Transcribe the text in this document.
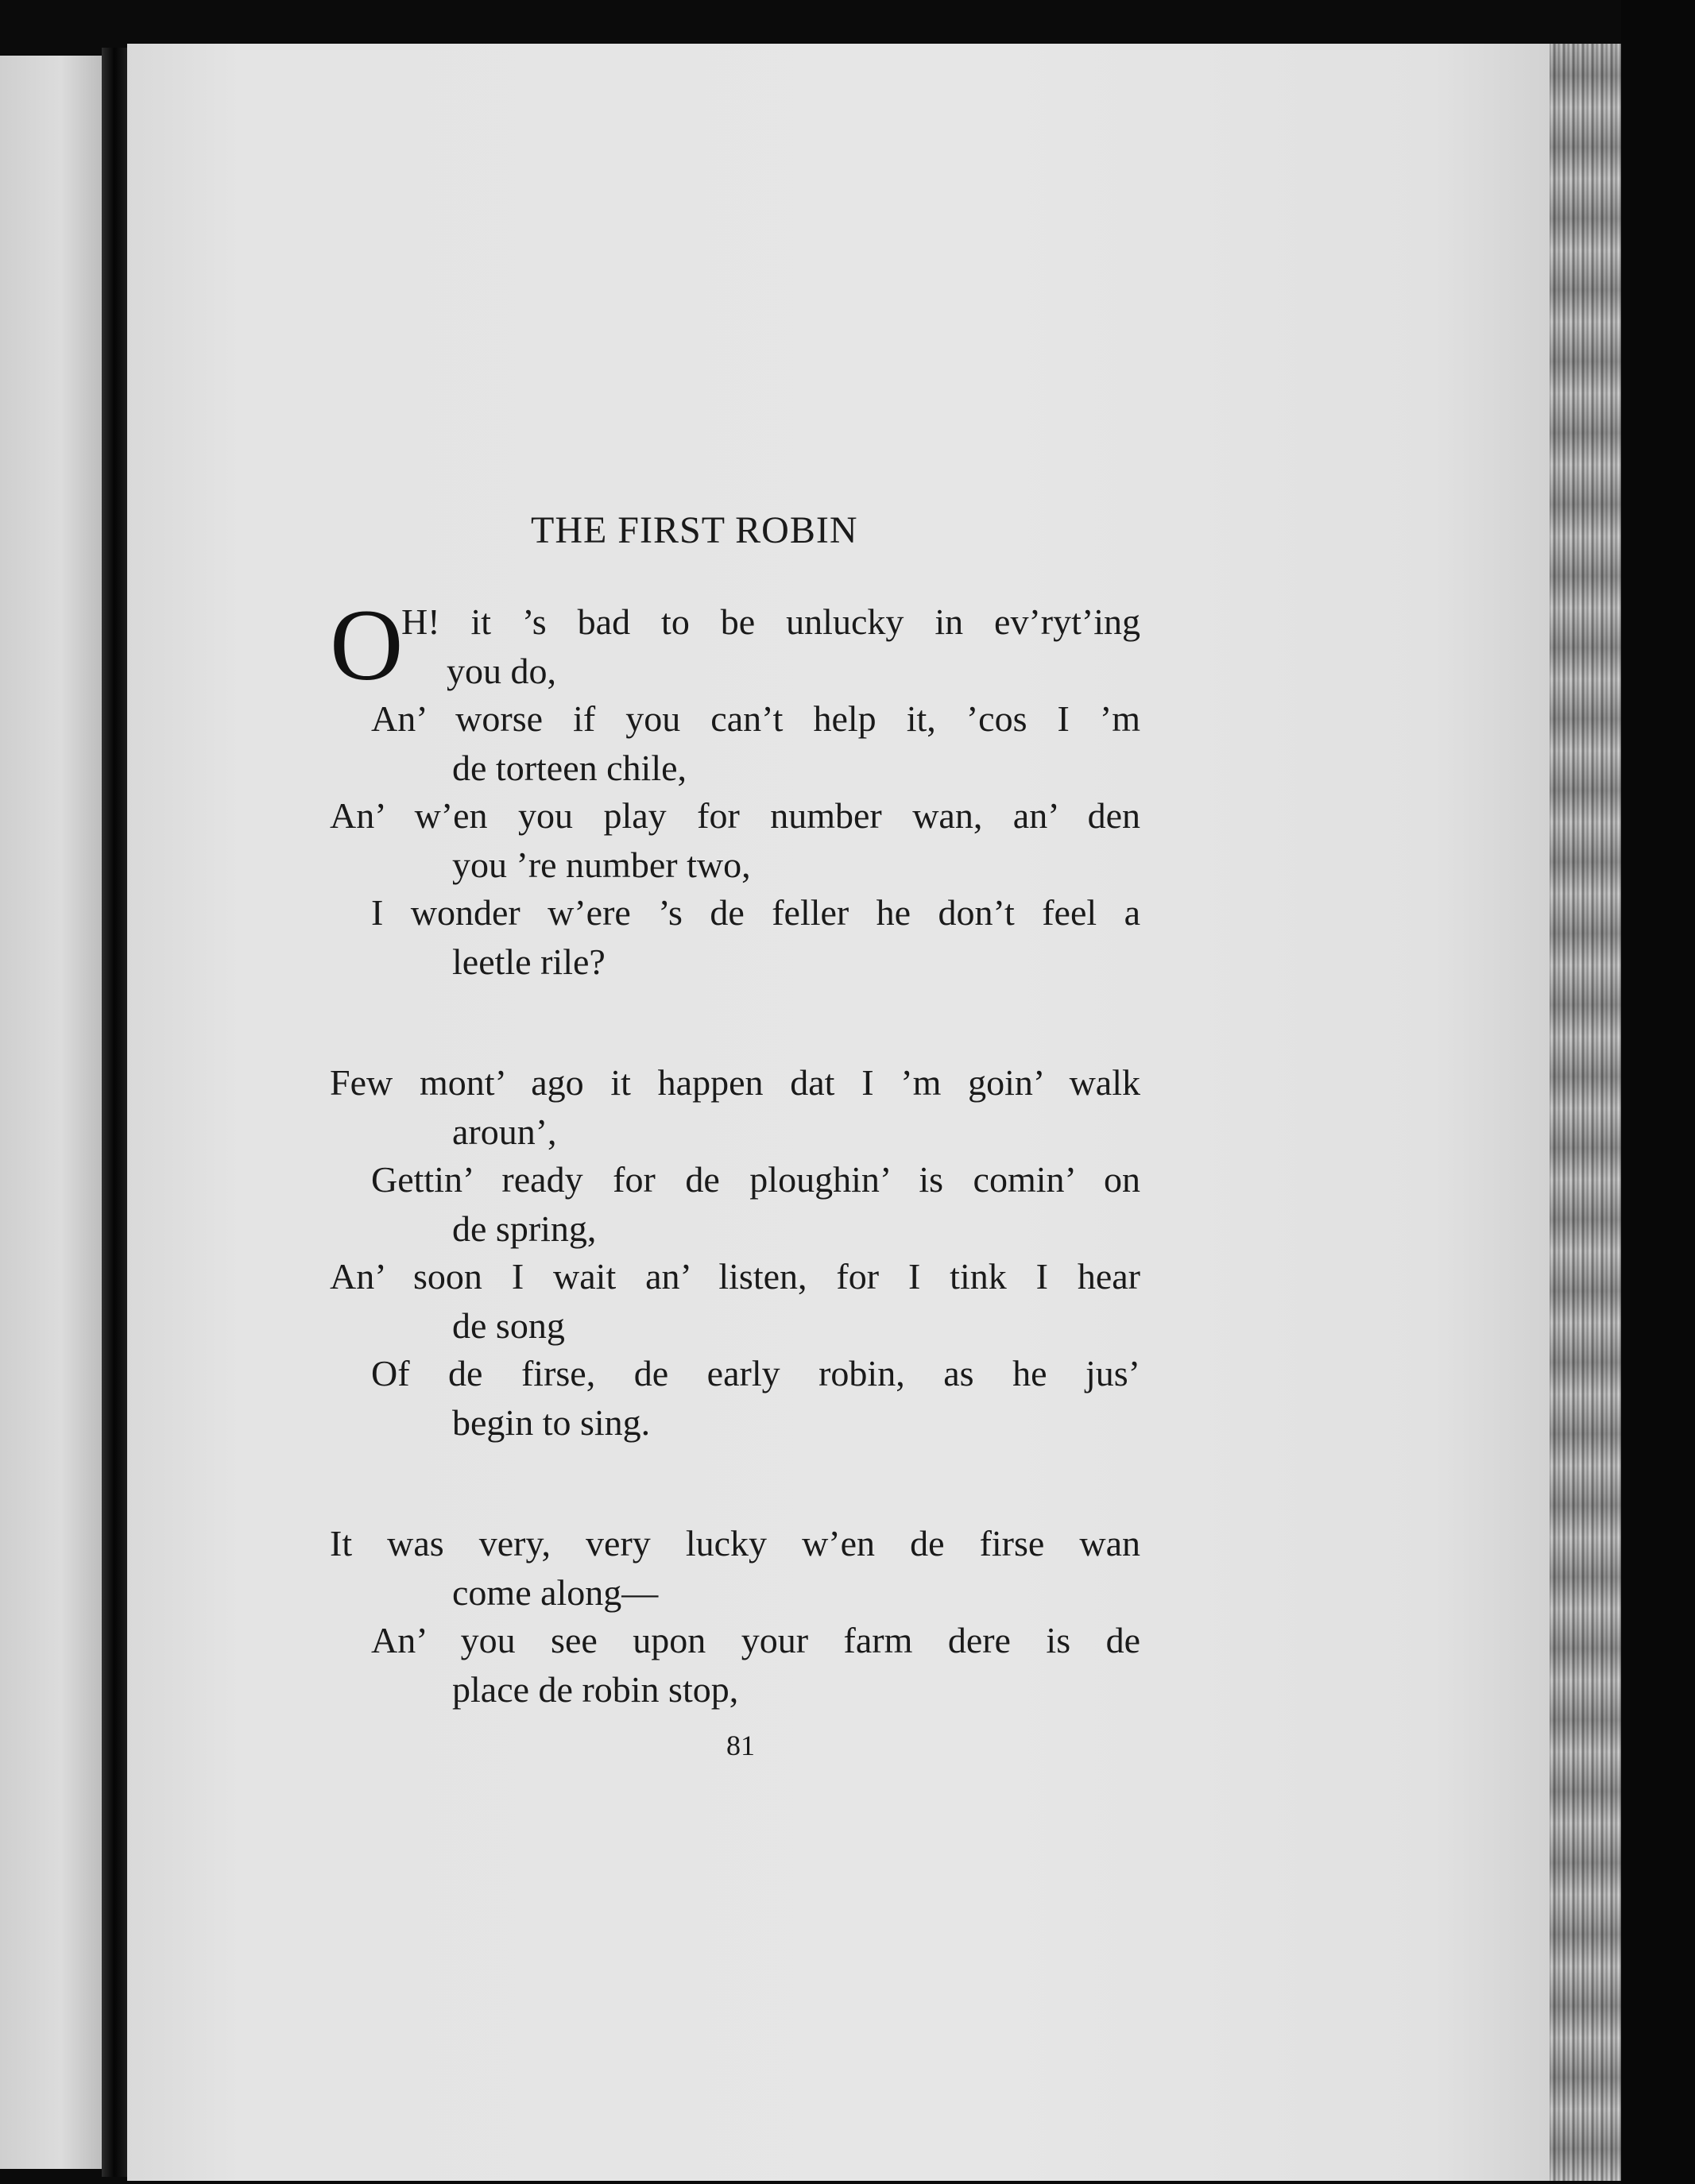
THE FIRST ROBIN
O
H! it ’s bad to be unlucky in ev’ryt’ing
you do,
An’ worse if you can’t help it, ’cos I ’m
de torteen chile,
An’ w’en you play for number wan, an’ den
you ’re number two,
I wonder w’ere ’s de feller he don’t feel a
leetle rile?
Few mont’ ago it happen dat I ’m goin’ walk
aroun’,
Gettin’ ready for de ploughin’ is comin’ on
de spring,
An’ soon I wait an’ listen, for I tink I hear
de song
Of de firse, de early robin, as he jus’
begin to sing.
It was very, very lucky w’en de firse wan
come along—
An’ you see upon your farm dere is de
place de robin stop,
81
